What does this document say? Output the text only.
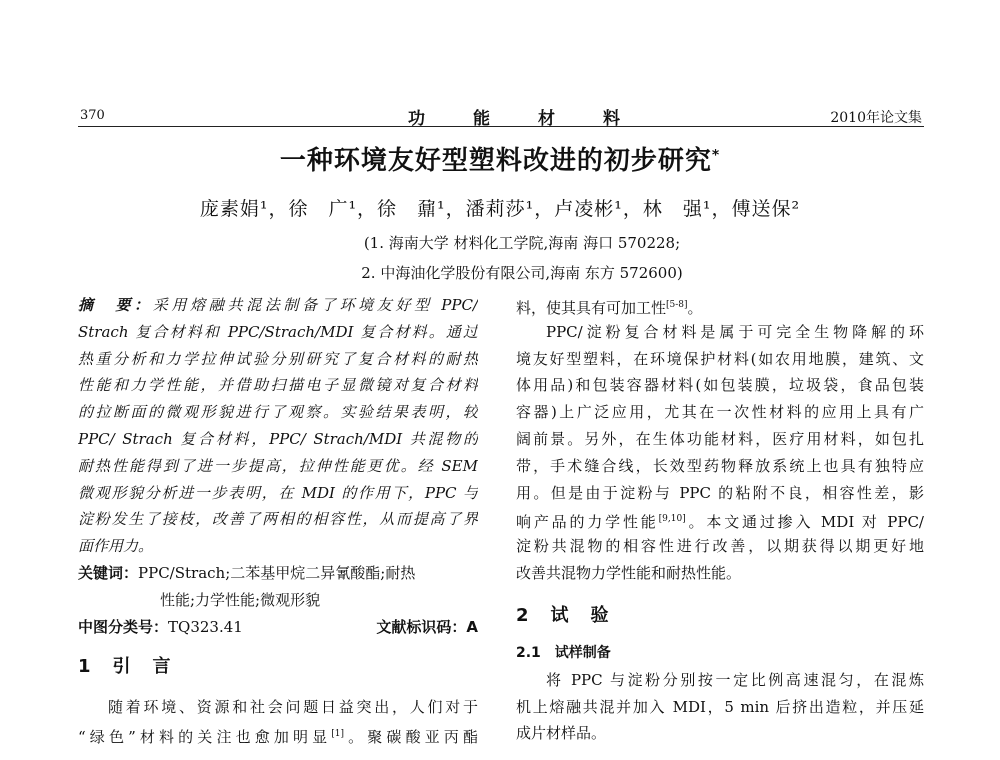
370	功能材料	2010年论文集
一种环境友好型塑料改进的初步研究*
庞素娟¹，徐　广¹，徐　鼐¹，潘莉莎¹，卢凌彬¹，林　强¹，傅送保²
(1. 海南大学 材料化工学院,海南 海口 570228;
2. 中海油化学股份有限公司,海南 东方 572600)
摘　要：采用熔融共混法制备了环境友好型 PPC/
Strach 复合材料和 PPC/Strach/MDI 复合材料。通过
热重分析和力学拉伸试验分别研究了复合材料的耐热
性能和力学性能，并借助扫描电子显微镜对复合材料
的拉断面的微观形貌进行了观察。实验结果表明，较
PPC/ Strach 复合材料，PPC/ Strach/MDI 共混物的
耐热性能得到了进一步提高，拉伸性能更优。经 SEM
微观形貌分析进一步表明，在 MDI 的作用下，PPC 与
淀粉发生了接枝，改善了两相的相容性，从而提高了界
面作用力。
关键词：PPC/Strach;二苯基甲烷二异氰酸酯;耐热
性能;力学性能;微观形貌
中图分类号：TQ323.41	文献标识码：A
1　引　言
随着环境、资源和社会问题日益突出，人们对于
“绿色”材料的关注也愈加明显[1]。聚碳酸亚丙酯
料，使其具有可加工性[5-8]。
PPC/淀粉复合材料是属于可完全生物降解的环
境友好型塑料，在环境保护材料(如农用地膜，建筑、文
体用品)和包装容器材料(如包装膜，垃圾袋，食品包装
容器)上广泛应用，尤其在一次性材料的应用上具有广
阔前景。另外，在生体功能材料，医疗用材料，如包扎
带，手术缝合线，长效型药物释放系统上也具有独特应
用。但是由于淀粉与 PPC 的粘附不良，相容性差，影
响产品的力学性能[9,10]。本文通过掺入 MDI 对 PPC/
淀粉共混物的相容性进行改善，以期获得以期更好地
改善共混物力学性能和耐热性能。
2　试　验
2.1　试样制备
将 PPC 与淀粉分别按一定比例高速混匀，在混炼
机上熔融共混并加入 MDI，5 min 后挤出造粒，并压延
成片材样品。
